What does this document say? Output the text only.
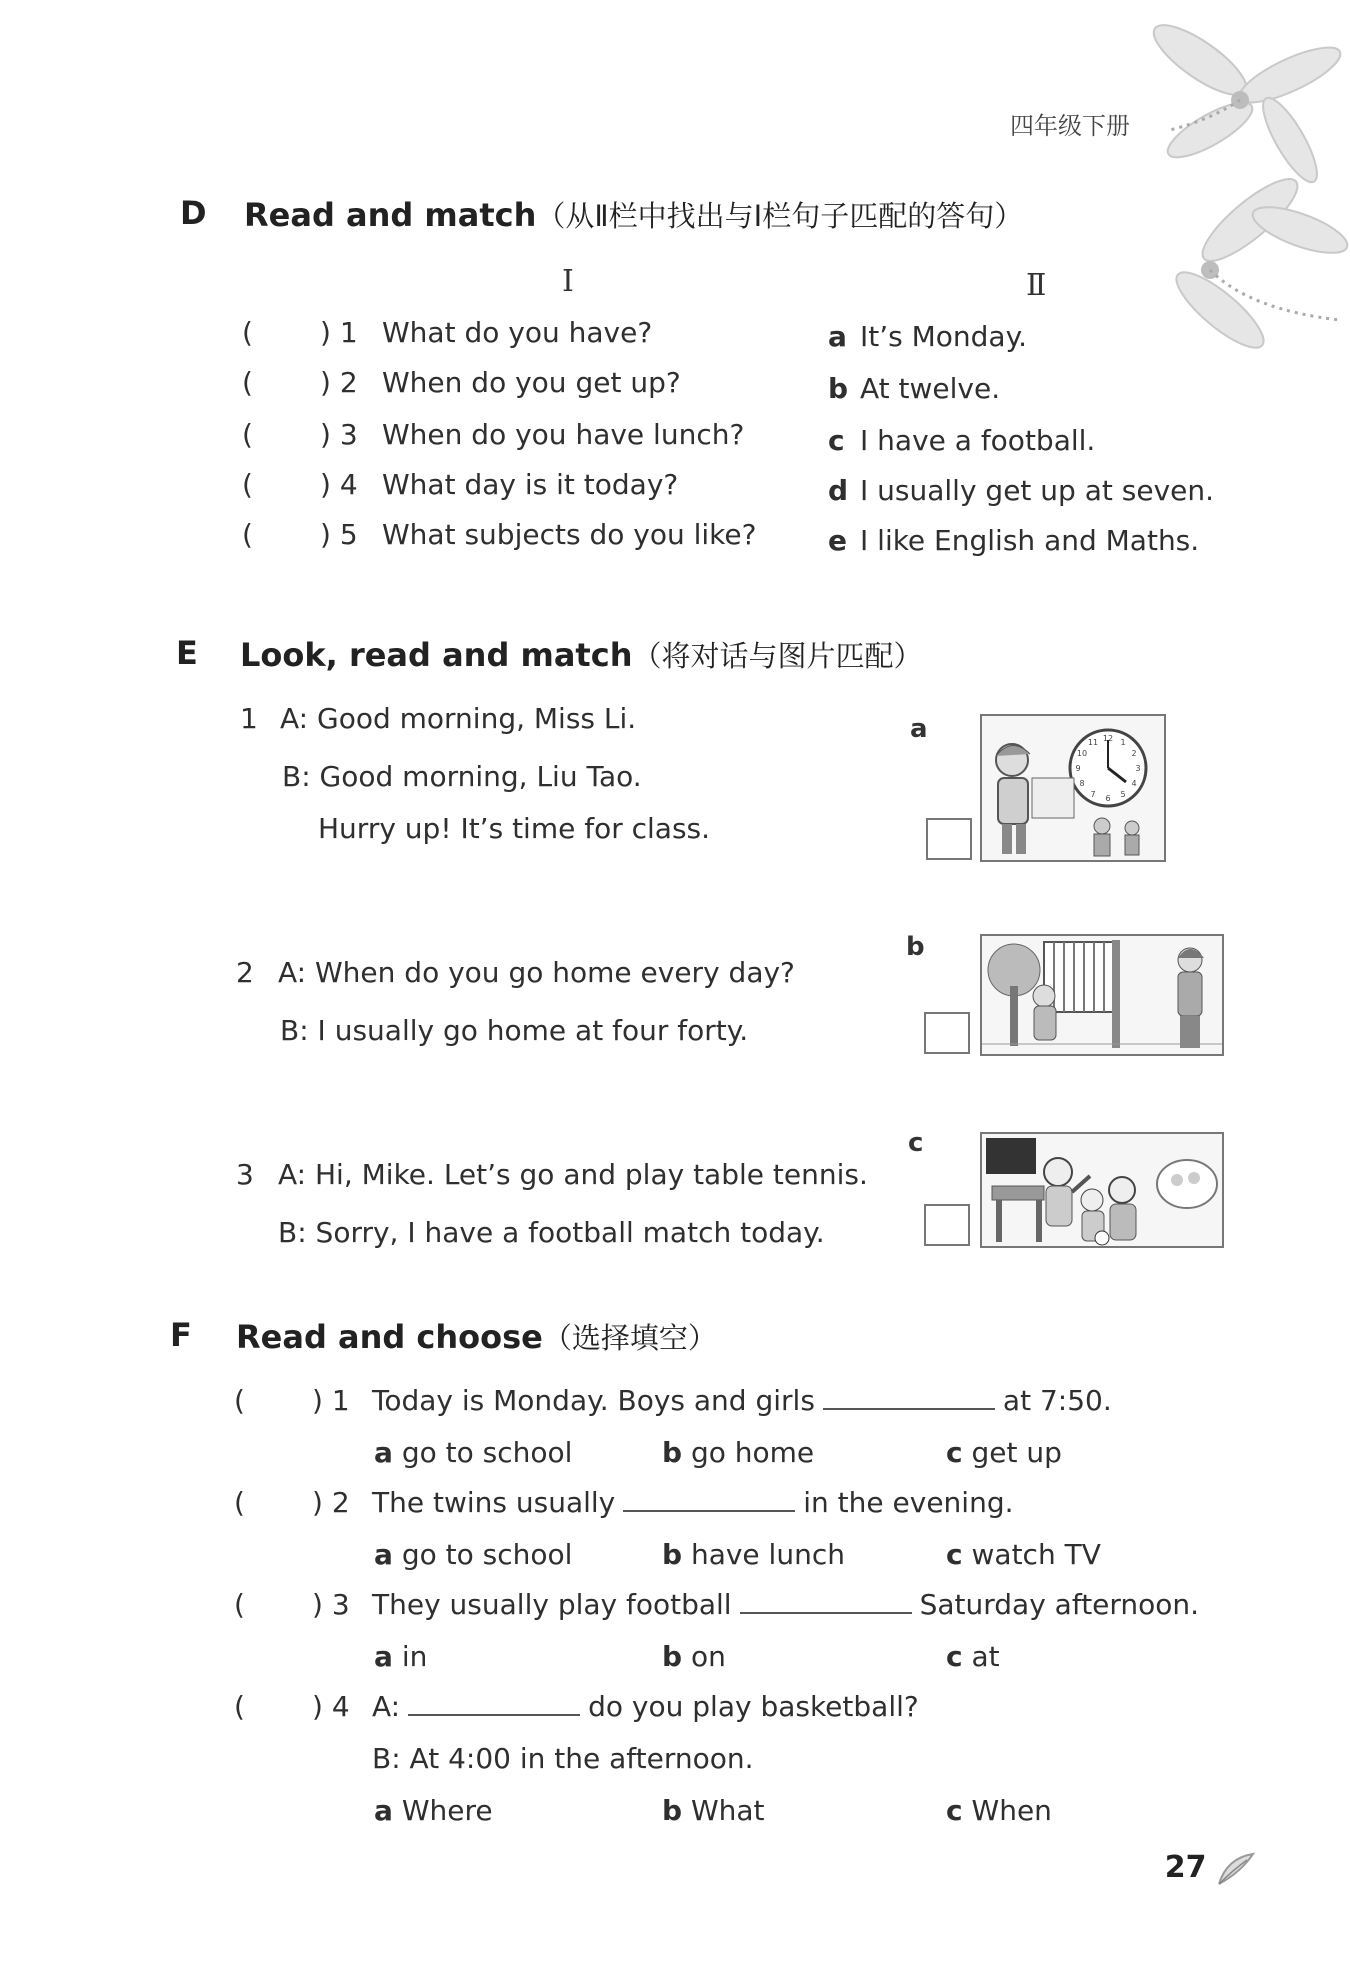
四年级下册
D Read and match（从Ⅱ栏中找出与Ⅰ栏句子匹配的答句）
Ⅰ	Ⅱ
( ) 1 What do you have?
( ) 2 When do you get up?
( ) 3 When do you have lunch?
( ) 4 What day is it today?
( ) 5 What subjects do you like?
a It’s Monday.
b At twelve.
c I have a football.
d I usually get up at seven.
e I like English and Maths.
E Look, read and match（将对话与图片匹配）
1 A: Good morning, Miss Li.
B: Good morning, Liu Tao.
Hurry up! It’s time for class.
2 A: When do you go home every day?
B: I usually go home at four forty.
3 A: Hi, Mike. Let’s go and play table tennis.
B: Sorry, I have a football match today.
a
b
c
12
11	1
10	2
9	3
8	4
7	5
6
F Read and choose（选择填空）
( ) 1 Today is Monday. Boys and girls	at 7:50.
a go to school	b go home	c get up
( ) 2 The twins usually	in the evening.
a go to school	b have lunch	c watch TV
( ) 3 They usually play football	Saturday afternoon.
a in	b on	c at
( ) 4 A:	do you play basketball?
B: At 4:00 in the afternoon.
a Where	b What	c When
27
